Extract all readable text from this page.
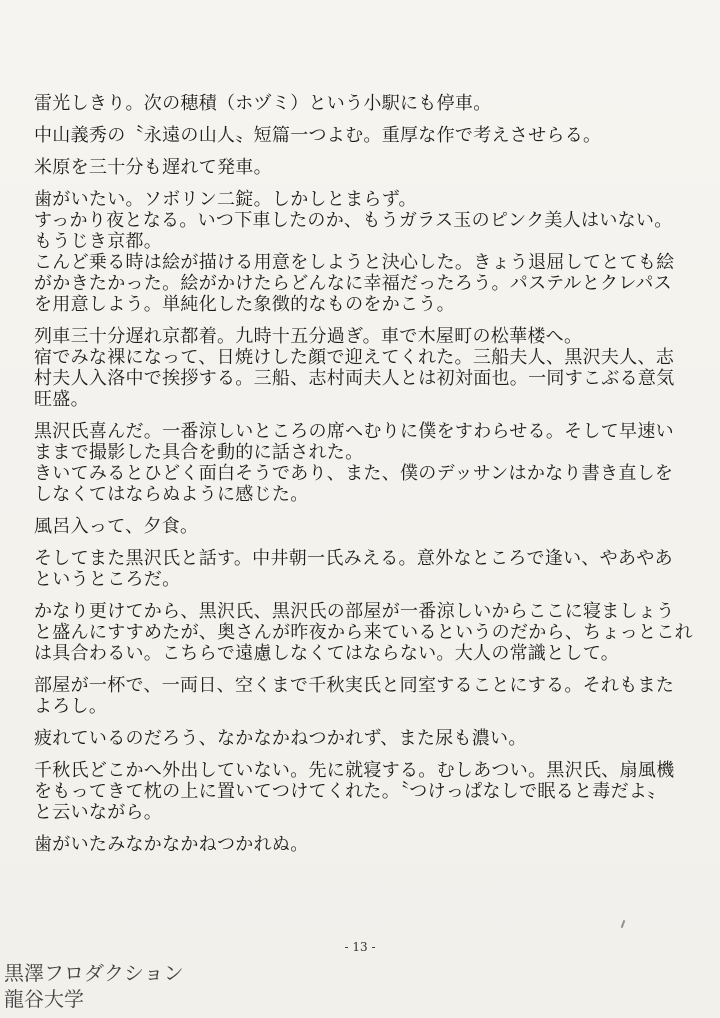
雷光しきり。次の穂積（ホヅミ）という小駅にも停車。
中山義秀の〝永遠の山人〟短篇一つよむ。重厚な作で考えさせらる。
米原を三十分も遅れて発車。
歯がいたい。ソボリン二錠。しかしとまらず。
すっかり夜となる。いつ下車したのか、もうガラス玉のピンク美人はいない。
もうじき京都。
こんど乗る時は絵が描ける用意をしようと決心した。きょう退屈してとても絵
がかきたかった。絵がかけたらどんなに幸福だったろう。パステルとクレパス
を用意しよう。単純化した象徴的なものをかこう。
列車三十分遅れ京都着。九時十五分過ぎ。車で木屋町の松華楼へ。
宿でみな裸になって、日焼けした顔で迎えてくれた。三船夫人、黒沢夫人、志
村夫人入洛中で挨拶する。三船、志村両夫人とは初対面也。一同すこぶる意気
旺盛。
黒沢氏喜んだ。一番涼しいところの席へむりに僕をすわらせる。そして早速い
ままで撮影した具合を動的に話された。
きいてみるとひどく面白そうであり、また、僕のデッサンはかなり書き直しを
しなくてはならぬように感じた。
風呂入って、夕食。
そしてまた黒沢氏と話す。中井朝一氏みえる。意外なところで逢い、やあやあ
というところだ。
かなり更けてから、黒沢氏、黒沢氏の部屋が一番涼しいからここに寝ましょう
と盛んにすすめたが、奥さんが昨夜から来ているというのだから、ちょっとこれ
は具合わるい。こちらで遠慮しなくてはならない。大人の常識として。
部屋が一杯で、一両日、空くまで千秋実氏と同室することにする。それもまた
よろし。
疲れているのだろう、なかなかねつかれず、また尿も濃い。
千秋氏どこかへ外出していない。先に就寝する。むしあつい。黒沢氏、扇風機
をもってきて枕の上に置いてつけてくれた。〝つけっぱなしで眠ると毒だよ〟
と云いながら。
歯がいたみなかなかねつかれぬ。
- 13 -
黒澤フロダクション
龍谷大学
